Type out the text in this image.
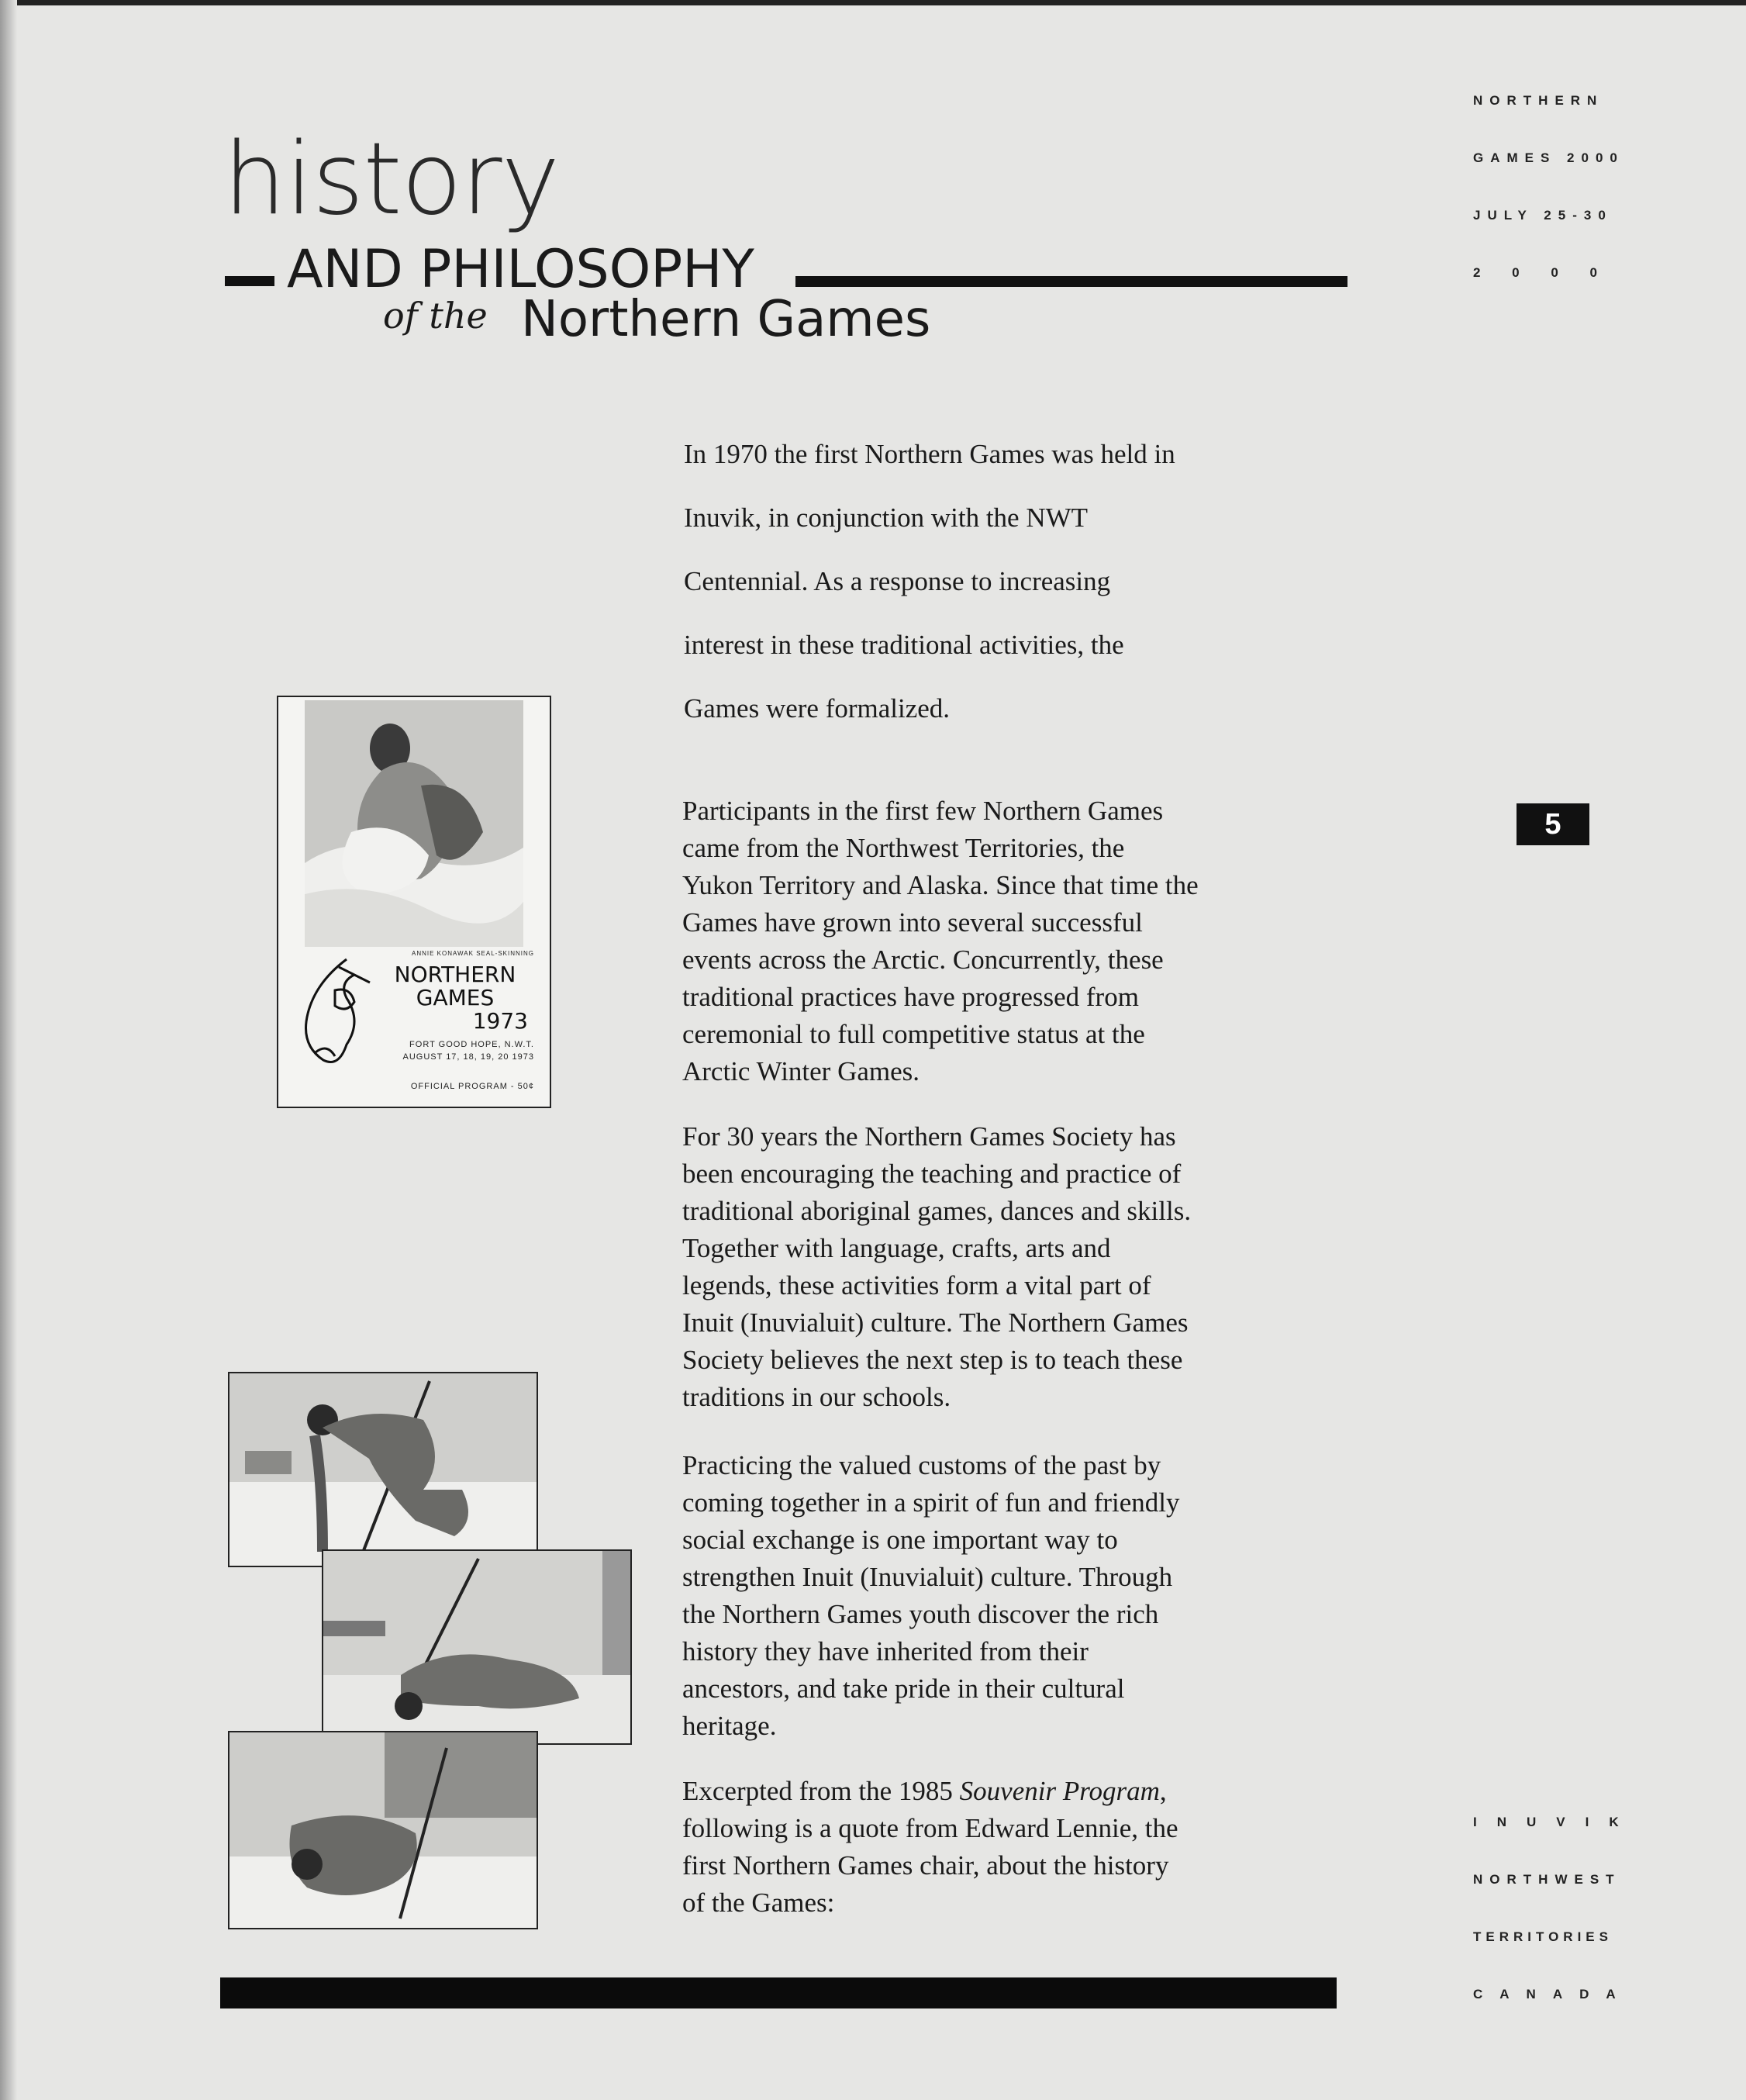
history
AND PHILOSOPHY
of the Northern Games
NORTHERN
GAMES 2000
JULY 25-30
2 0 0 0
5
INUVIK
NORTHWEST
TERRITORIES
CANADA

In 1970 the first Northern Games was held in

Inuvik, in conjunction with the NWT

Centennial. As a response to increasing

interest in these traditional activities, the

Games were formalized.

Participants in the first few Northern Games
came from the Northwest Territories, the
Yukon Territory and Alaska. Since that time the
Games have grown into several successful
events across the Arctic. Concurrently, these
traditional practices have progressed from
ceremonial to full competitive status at the
Arctic Winter Games.

For 30 years the Northern Games Society has
been encouraging the teaching and practice of
traditional aboriginal games, dances and skills.
Together with language, crafts, arts and
legends, these activities form a vital part of
Inuit (Inuvialuit) culture. The Northern Games
Society believes the next step is to teach these
traditions in our schools.

Practicing the valued customs of the past by
coming together in a spirit of fun and friendly
social exchange is one important way to
strengthen Inuit (Inuvialuit) culture. Through
the Northern Games youth discover the rich
history they have inherited from their
ancestors, and take pride in their cultural
heritage.

Excerpted from the 1985 Souvenir Program,
following is a quote from Edward Lennie, the
first Northern Games chair, about the history
of the Games:

ANNIE KONAWAK SEAL-SKINNING
NORTHERN
GAMES
1973
FORT GOOD HOPE, N.W.T.
AUGUST 17, 18, 19, 20 1973
OFFICIAL PROGRAM - 50¢
